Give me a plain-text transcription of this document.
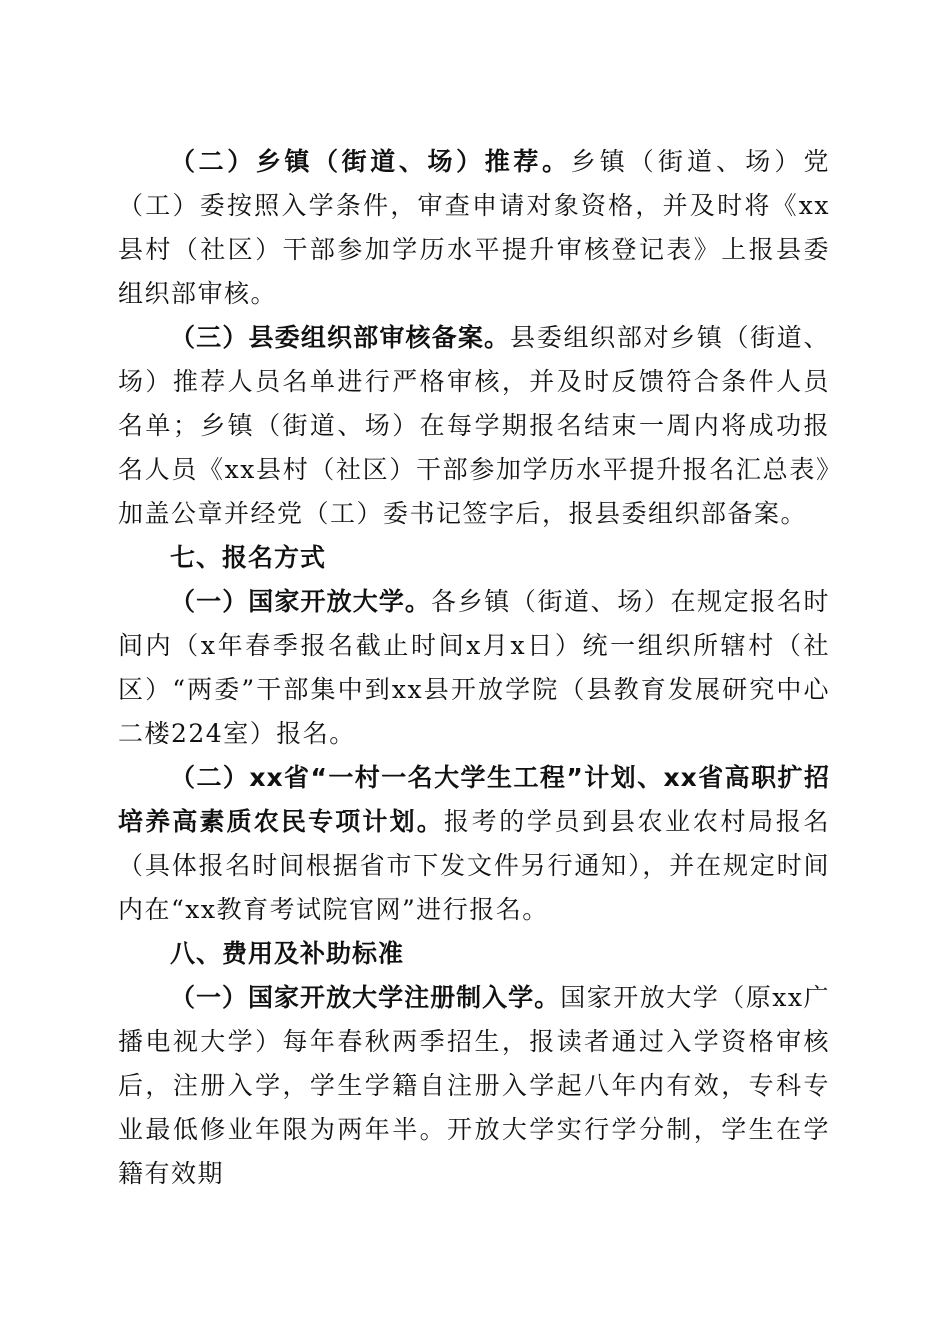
（二）乡镇（街道、场）推荐。乡镇（街道、场）党（工）委按照入学条件，审查申请对象资格，并及时将《xx县村（社区）干部参加学历水平提升审核登记表》上报县委组织部审核。

（三）县委组织部审核备案。县委组织部对乡镇（街道、场）推荐人员名单进行严格审核，并及时反馈符合条件人员名单；乡镇（街道、场）在每学期报名结束一周内将成功报名人员《xx县村（社区）干部参加学历水平提升报名汇总表》加盖公章并经党（工）委书记签字后，报县委组织部备案。

七、报名方式

（一）国家开放大学。各乡镇（街道、场）在规定报名时间内（x年春季报名截止时间x月x日）统一组织所辖村（社区）“两委”干部集中到xx县开放学院（县教育发展研究中心二楼224室）报名。

（二）xx省“一村一名大学生工程”计划、xx省高职扩招培养高素质农民专项计划。报考的学员到县农业农村局报名（具体报名时间根据省市下发文件另行通知），并在规定时间内在“xx教育考试院官网”进行报名。

八、费用及补助标准

（一）国家开放大学注册制入学。国家开放大学（原xx广播电视大学）每年春秋两季招生，报读者通过入学资格审核后，注册入学，学生学籍自注册入学起八年内有效，专科专业最低修业年限为两年半。开放大学实行学分制，学生在学籍有效期
